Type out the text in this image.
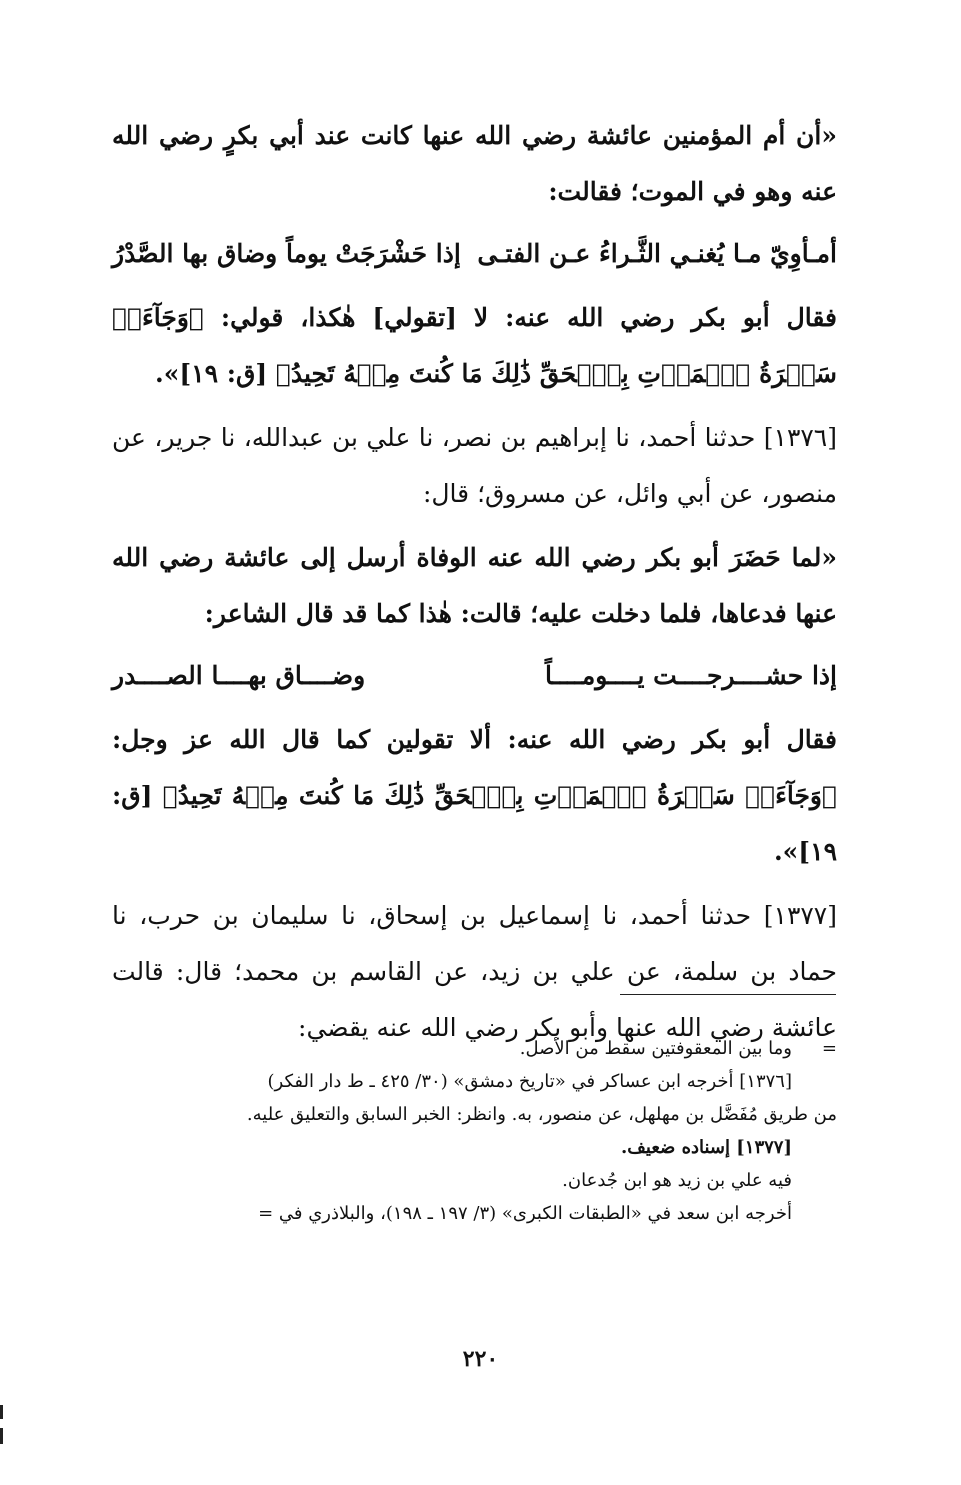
«أن أم المؤمنين عائشة رضي الله عنها كانت عند أبي بكرٍ رضي الله عنه وهو في الموت؛ فقالت:

أمـأوِيّ مـا يُغنـي الثَّـراءُ عـن الفتـى
إذا حَشْرَجَتْ يوماً وضاق بها الصَّدْرُ

فقال أبو بكر رضي الله عنه: لا [تقولي] هٰكذا، قولي: ﴿وَجَآءَتۡ سَكۡرَةُ ٱلۡمَوۡتِ بِٱلۡحَقِّ ذَٰلِكَ مَا كُنتَ مِنۡهُ تَحِيدُ﴾ [ق: ١٩]».

[١٣٧٦] حدثنا أحمد، نا إبراهيم بن نصر، نا علي بن عبدالله، نا جرير، عن منصور، عن أبي وائل، عن مسروق؛ قال:

«لما حَضَرَ أبو بكر رضي الله عنه الوفاة أرسل إلى عائشة رضي الله عنها فدعاها، فلما دخلت عليه؛ قالت: هٰذا كما قد قال الشاعر:

إذا حشــــرجــــت يــــومــــاً
وضــــاق بهــــا الصــــدر

فقال أبو بكر رضي الله عنه: ألا تقولين كما قال الله عز وجل: ﴿وَجَآءَتۡ سَكۡرَةُ ٱلۡمَوۡتِ بِٱلۡحَقِّ ذَٰلِكَ مَا كُنتَ مِنۡهُ تَحِيدُ﴾ [ق: ١٩]».

[١٣٧٧] حدثنا أحمد، نا إسماعيل بن إسحاق، نا سليمان بن حرب، نا حماد بن سلمة، عن علي بن زيد، عن القاسم بن محمد؛ قال: قالت عائشة رضي الله عنها وأبو بكر رضي الله عنه يقضي:

=وما بين المعقوفتين سقط من الأصل.

[١٣٧٦] أخرجه ابن عساكر في «تاريخ دمشق» (٣٠/ ٤٢٥ ـ ط دار الفكر)

من طريق مُفَضَّل بن مهلهل، عن منصور، به. وانظر: الخبر السابق والتعليق عليه.

[١٣٧٧] إسناده ضعيف.

فيه علي بن زيد هو ابن جُدعان.

أخرجه ابن سعد في «الطبقات الكبرى» (٣/ ١٩٧ ـ ١٩٨)، والبلاذري في =

٢٢٠
